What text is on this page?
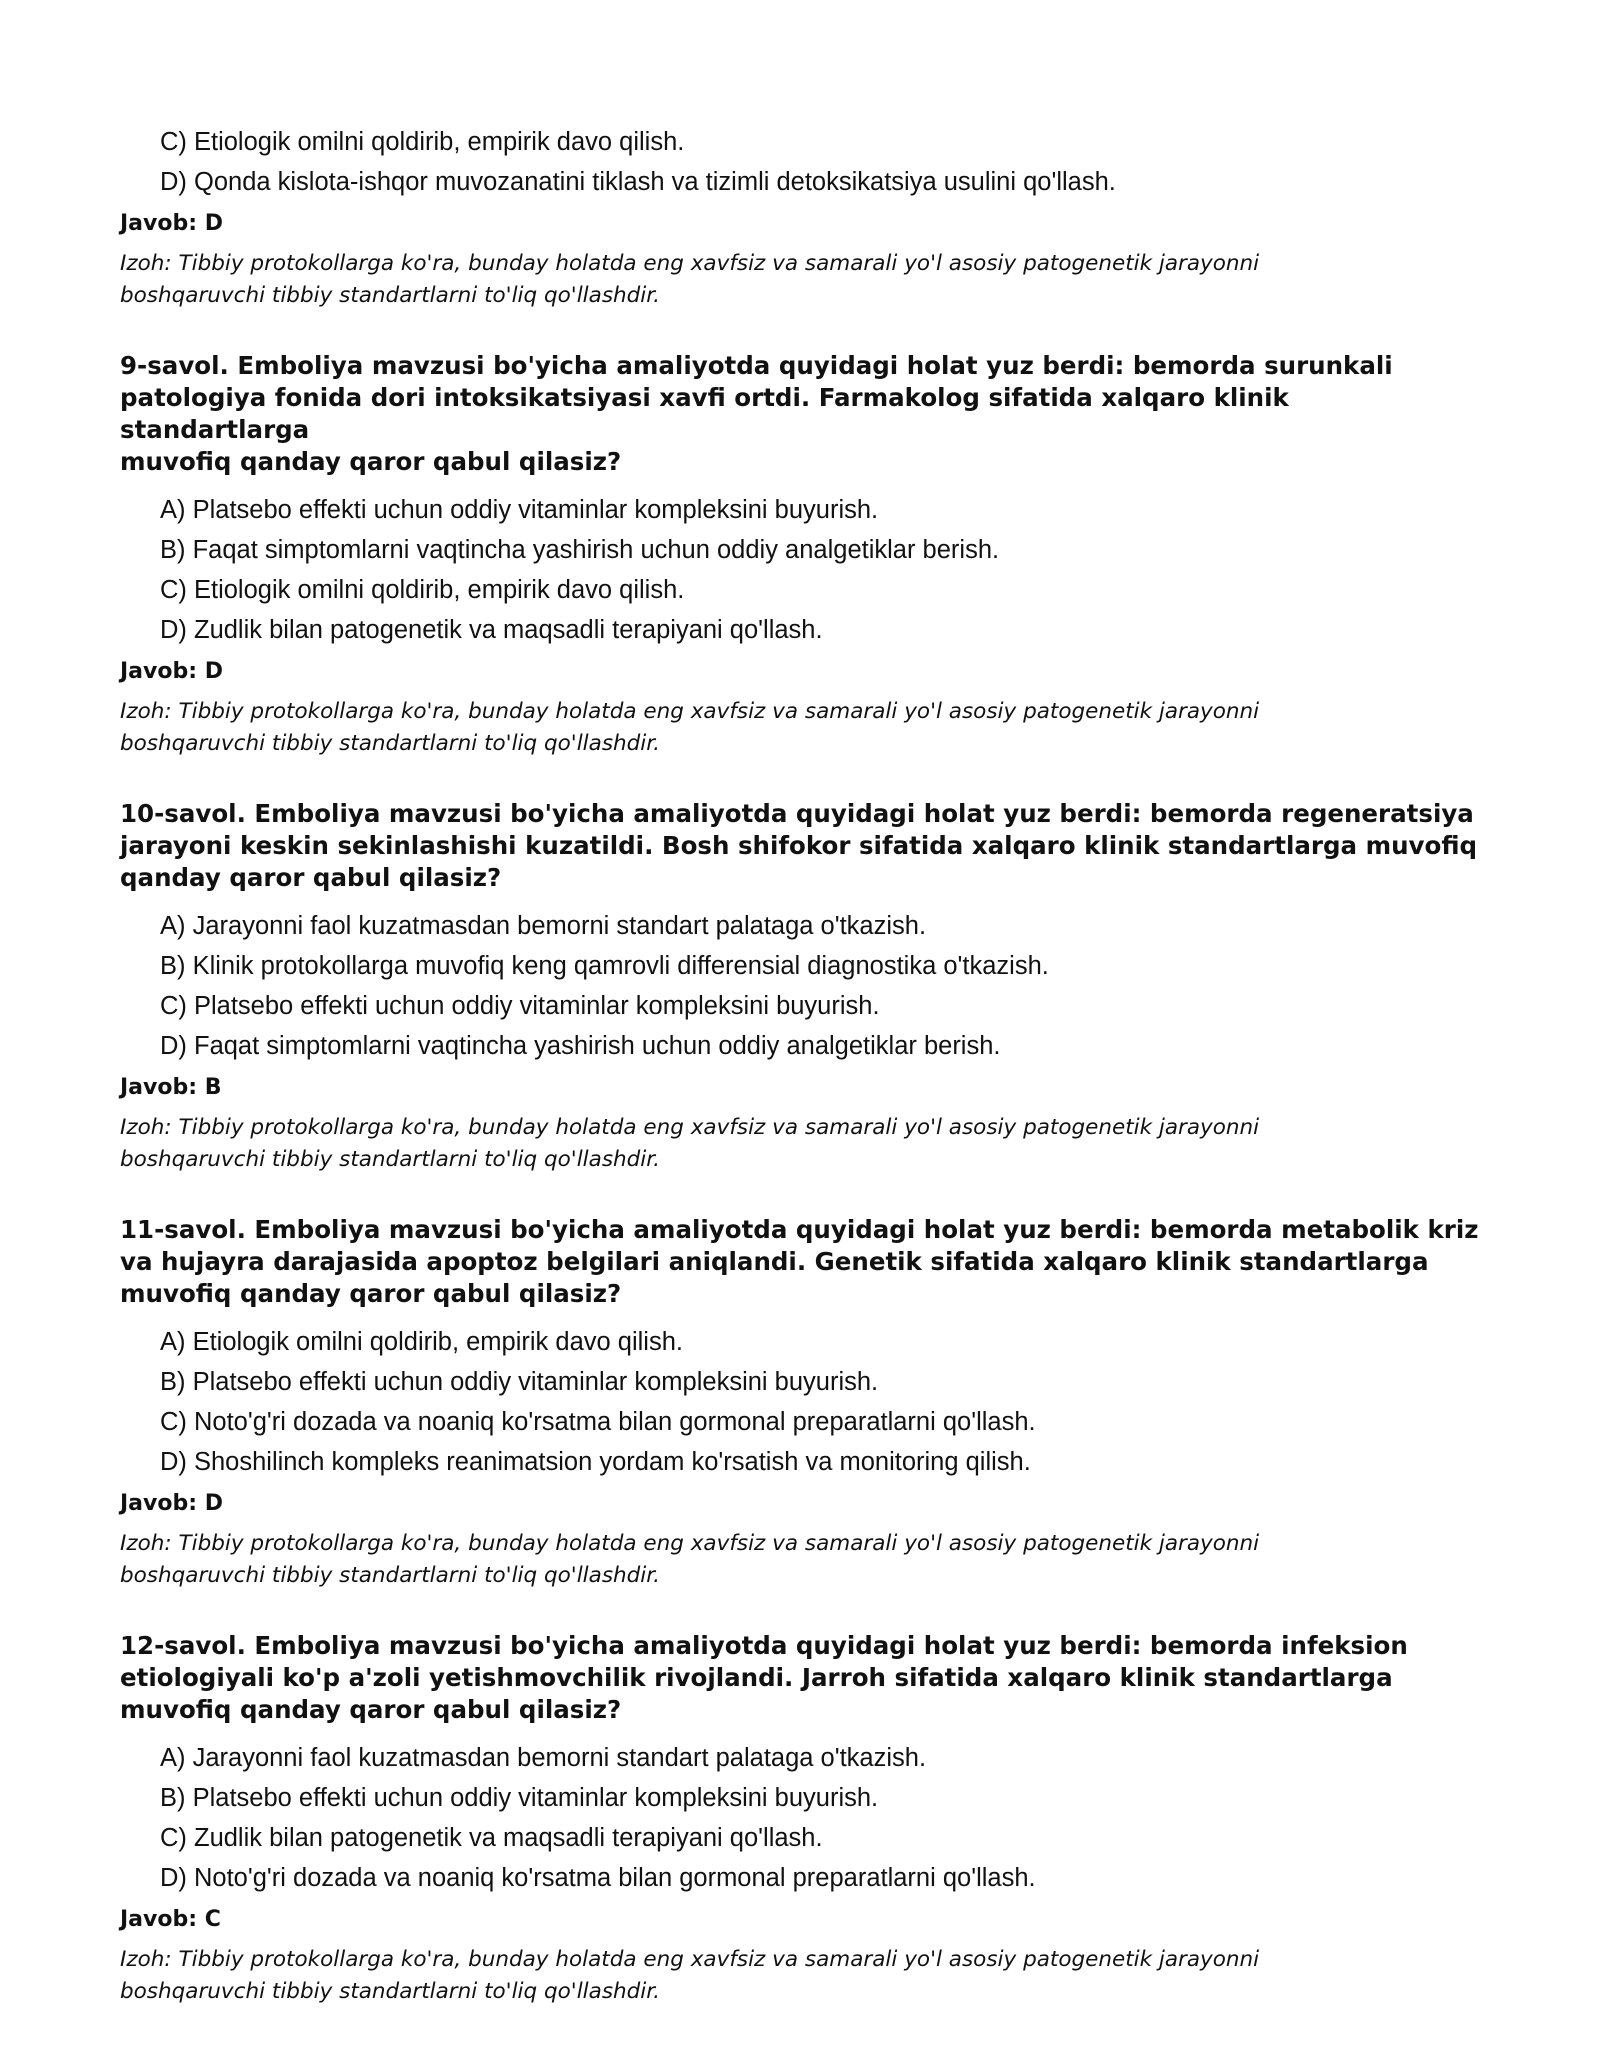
C) Etiologik omilni qoldirib, empirik davo qilish.
D) Qonda kislota-ishqor muvozanatini tiklash va tizimli detoksikatsiya usulini qo'llash.
Javob: D
Izoh: Tibbiy protokollarga ko'ra, bunday holatda eng xavfsiz va samarali yo'l asosiy patogenetik jarayonni
boshqaruvchi tibbiy standartlarni to'liq qo'llashdir.
9-savol. Emboliya mavzusi bo'yicha amaliyotda quyidagi holat yuz berdi: bemorda surunkali
patologiya fonida dori intoksikatsiyasi xavfi ortdi. Farmakolog sifatida xalqaro klinik standartlarga
muvofiq qanday qaror qabul qilasiz?
A) Platsebo effekti uchun oddiy vitaminlar kompleksini buyurish.
B) Faqat simptomlarni vaqtincha yashirish uchun oddiy analgetiklar berish.
C) Etiologik omilni qoldirib, empirik davo qilish.
D) Zudlik bilan patogenetik va maqsadli terapiyani qo'llash.
Javob: D
Izoh: Tibbiy protokollarga ko'ra, bunday holatda eng xavfsiz va samarali yo'l asosiy patogenetik jarayonni
boshqaruvchi tibbiy standartlarni to'liq qo'llashdir.
10-savol. Emboliya mavzusi bo'yicha amaliyotda quyidagi holat yuz berdi: bemorda regeneratsiya
jarayoni keskin sekinlashishi kuzatildi. Bosh shifokor sifatida xalqaro klinik standartlarga muvofiq
qanday qaror qabul qilasiz?
A) Jarayonni faol kuzatmasdan bemorni standart palataga o'tkazish.
B) Klinik protokollarga muvofiq keng qamrovli differensial diagnostika o'tkazish.
C) Platsebo effekti uchun oddiy vitaminlar kompleksini buyurish.
D) Faqat simptomlarni vaqtincha yashirish uchun oddiy analgetiklar berish.
Javob: B
Izoh: Tibbiy protokollarga ko'ra, bunday holatda eng xavfsiz va samarali yo'l asosiy patogenetik jarayonni
boshqaruvchi tibbiy standartlarni to'liq qo'llashdir.
11-savol. Emboliya mavzusi bo'yicha amaliyotda quyidagi holat yuz berdi: bemorda metabolik kriz
va hujayra darajasida apoptoz belgilari aniqlandi. Genetik sifatida xalqaro klinik standartlarga
muvofiq qanday qaror qabul qilasiz?
A) Etiologik omilni qoldirib, empirik davo qilish.
B) Platsebo effekti uchun oddiy vitaminlar kompleksini buyurish.
C) Noto'g'ri dozada va noaniq ko'rsatma bilan gormonal preparatlarni qo'llash.
D) Shoshilinch kompleks reanimatsion yordam ko'rsatish va monitoring qilish.
Javob: D
Izoh: Tibbiy protokollarga ko'ra, bunday holatda eng xavfsiz va samarali yo'l asosiy patogenetik jarayonni
boshqaruvchi tibbiy standartlarni to'liq qo'llashdir.
12-savol. Emboliya mavzusi bo'yicha amaliyotda quyidagi holat yuz berdi: bemorda infeksion
etiologiyali ko'p a'zoli yetishmovchilik rivojlandi. Jarroh sifatida xalqaro klinik standartlarga
muvofiq qanday qaror qabul qilasiz?
A) Jarayonni faol kuzatmasdan bemorni standart palataga o'tkazish.
B) Platsebo effekti uchun oddiy vitaminlar kompleksini buyurish.
C) Zudlik bilan patogenetik va maqsadli terapiyani qo'llash.
D) Noto'g'ri dozada va noaniq ko'rsatma bilan gormonal preparatlarni qo'llash.
Javob: C
Izoh: Tibbiy protokollarga ko'ra, bunday holatda eng xavfsiz va samarali yo'l asosiy patogenetik jarayonni
boshqaruvchi tibbiy standartlarni to'liq qo'llashdir.
